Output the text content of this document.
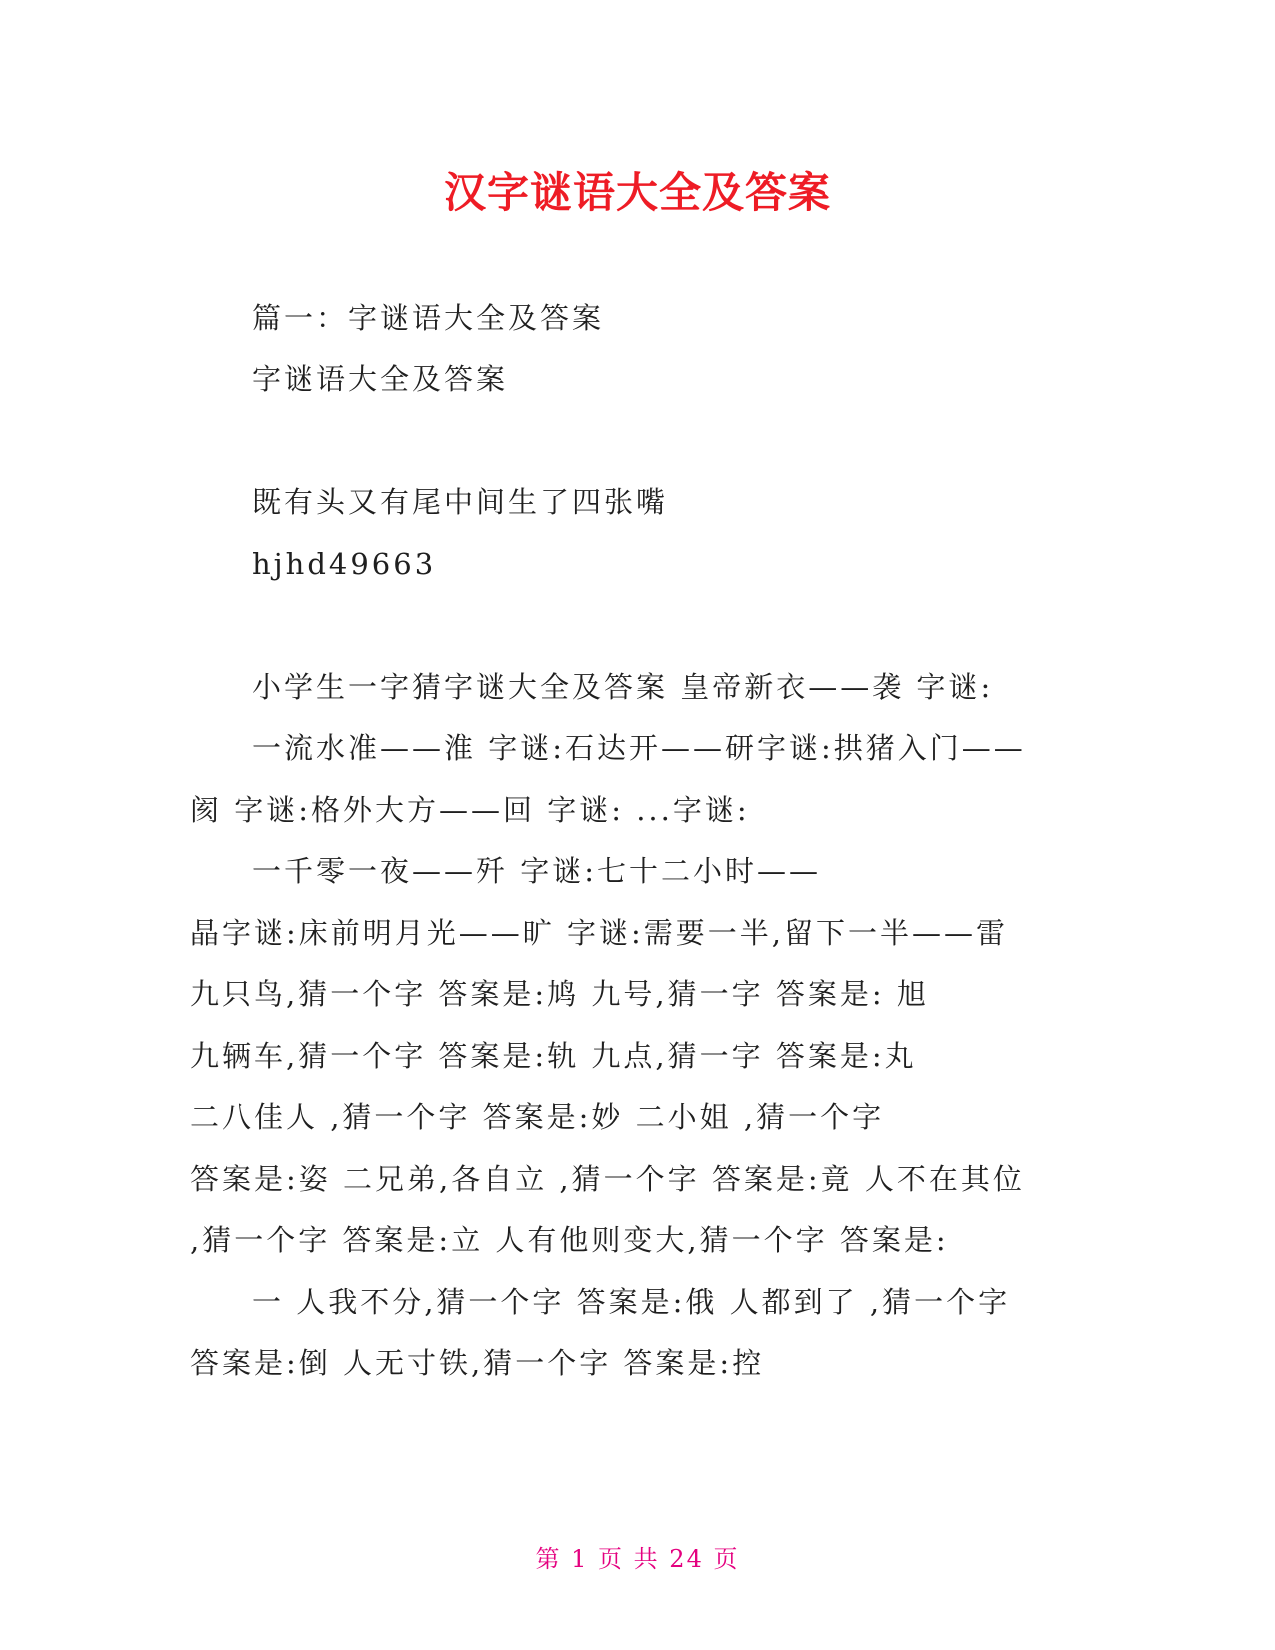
汉字谜语大全及答案
篇一：字谜语大全及答案
字谜语大全及答案
既有头又有尾中间生了四张嘴
hjhd49663
小学生一字猜字谜大全及答案 皇帝新衣——袭 字谜:
一流水准——淮 字谜:石达开——研字谜:拱猪入门——
阂 字谜:格外大方——回 字谜: ...字谜:
一千零一夜——歼 字谜:七十二小时——
晶字谜:床前明月光——旷 字谜:需要一半,留下一半——雷
九只鸟,猜一个字 答案是:鸠 九号,猜一字 答案是: 旭
九辆车,猜一个字 答案是:轨 九点,猜一字 答案是:丸
二八佳人 ,猜一个字 答案是:妙 二小姐 ,猜一个字
答案是:姿 二兄弟,各自立 ,猜一个字 答案是:竟 人不在其位
,猜一个字 答案是:立 人有他则变大,猜一个字 答案是:
一 人我不分,猜一个字 答案是:俄 人都到了 ,猜一个字
答案是:倒 人无寸铁,猜一个字 答案是:控
第 1 页 共 24 页
